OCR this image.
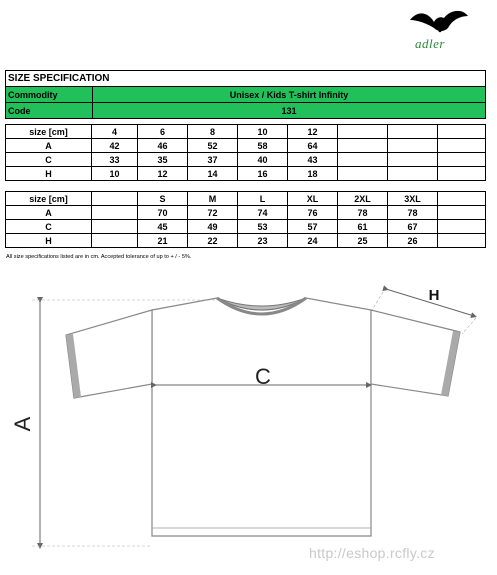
adler
SIZE SPECIFICATION	
Commodity	Unisex / Kids T-shirt Infinity
Code	131
size [cm]	4	6	8	10	12			
A	42	46	52	58	64			
C	33	35	37	40	43			
H	10	12	14	16	18			
size [cm]		S	M	L	XL	2XL	3XL	
A		70	72	74	76	78	78	
C		45	49	53	57	61	67	
H		21	22	23	24	25	26	
All size specifications listed are in cm. Accepted tolerance of up to + / - 5%.
A
C
H
http://eshop.rcfly.cz
